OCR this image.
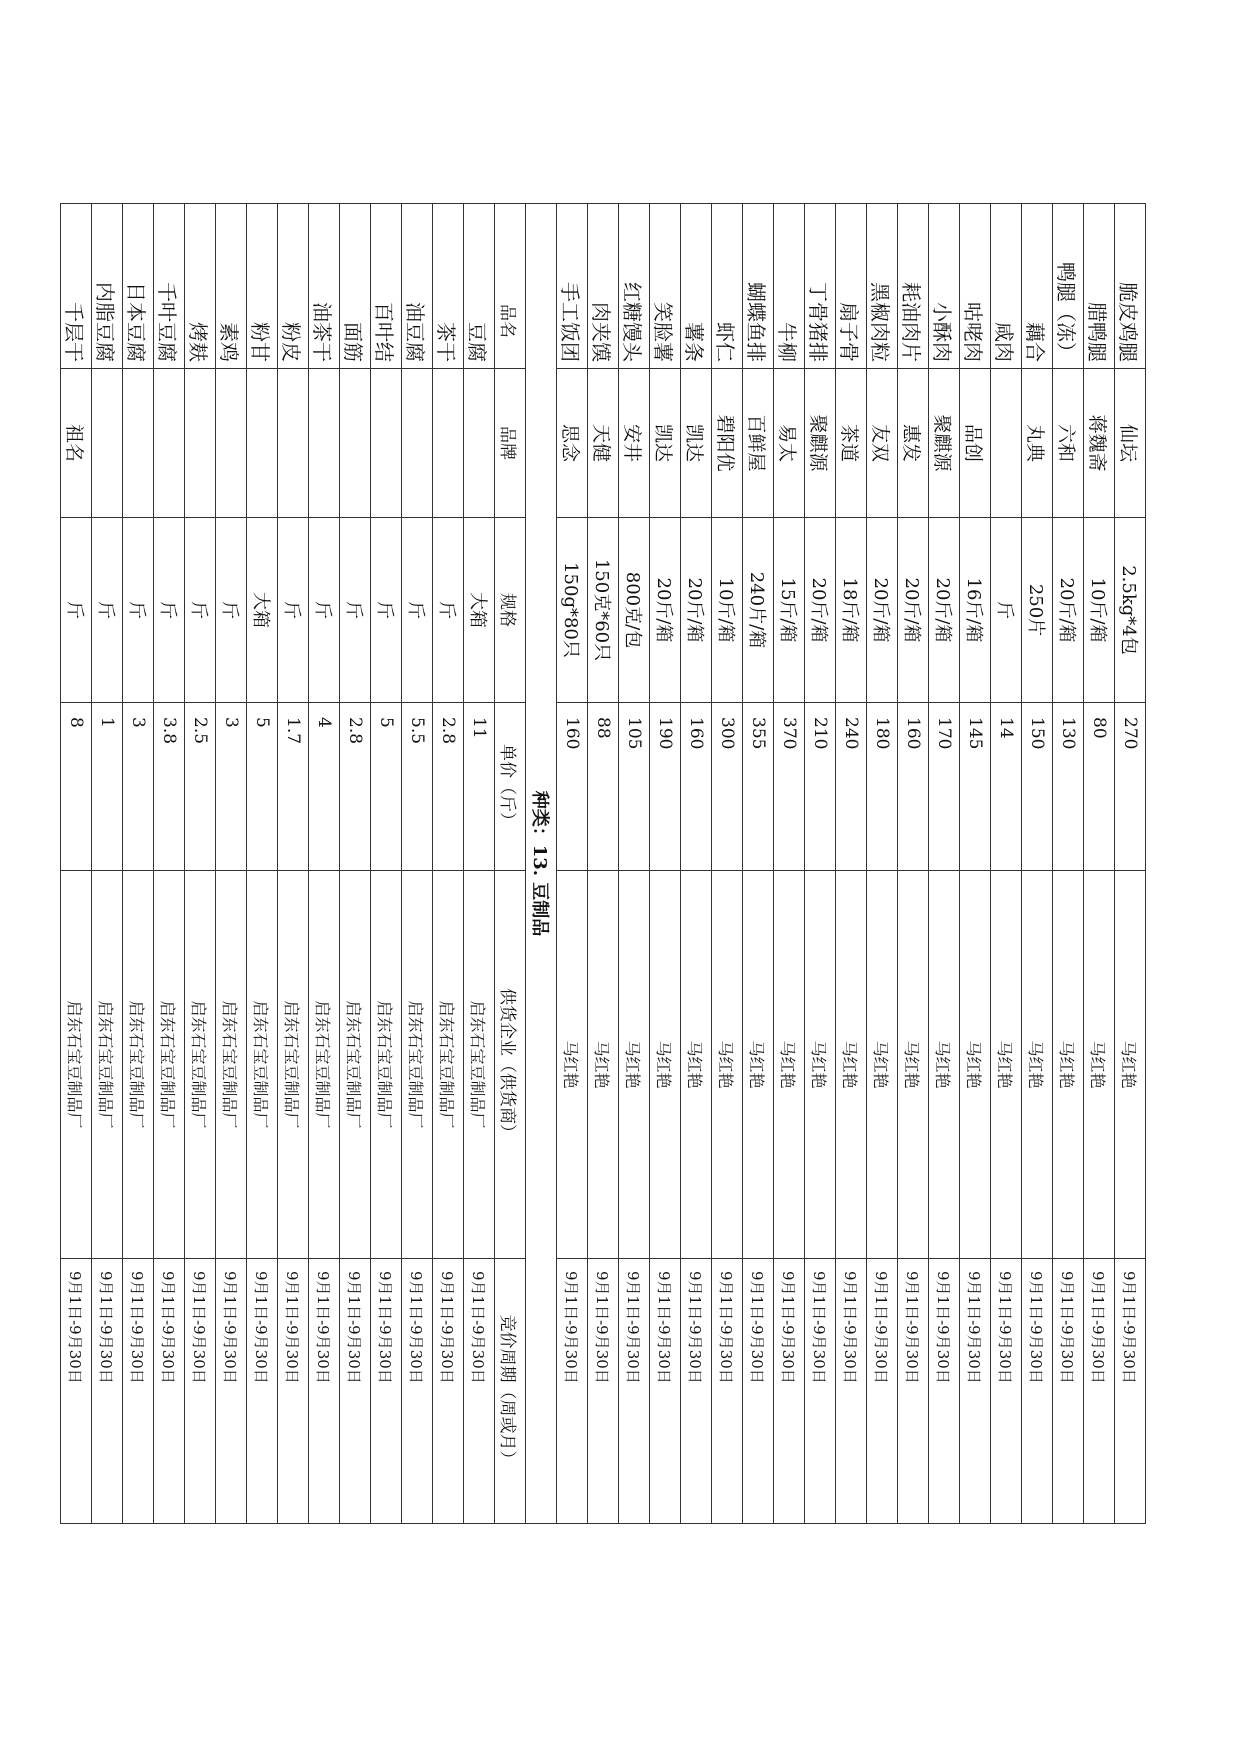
脆皮鸡腿	仙坛	2.5kg*4包	270	马红艳	9月1日-9月30日
腊鸭腿	蒋魏斋	10斤/箱	80	马红艳	9月1日-9月30日
鸭腿（冻）	六和	20斤/箱	130	马红艳	9月1日-9月30日
藕合	丸典	250片	150	马红艳	9月1日-9月30日
咸肉		斤	14	马红艳	9月1日-9月30日
咕咾肉	品创	16斤/箱	145	马红艳	9月1日-9月30日
小酥肉	聚麒源	20斤/箱	170	马红艳	9月1日-9月30日
耗油肉片	惠发	20斤/箱	160	马红艳	9月1日-9月30日
黑椒肉粒	友双	20斤/箱	180	马红艳	9月1日-9月30日
扇子骨	茶道	18斤/箱	240	马红艳	9月1日-9月30日
丁骨猪排	聚麒源	20斤/箱	210	马红艳	9月1日-9月30日
牛柳	易太	15斤/箱	370	马红艳	9月1日-9月30日
蝴蝶鱼排	百鲜屋	240片/箱	355	马红艳	9月1日-9月30日
虾仁	碧阳优	10斤/箱	300	马红艳	9月1日-9月30日
薯条	凯达	20斤/箱	160	马红艳	9月1日-9月30日
笑脸薯	凯达	20斤/箱	190	马红艳	9月1日-9月30日
红糖馒头	安井	800克/包	105	马红艳	9月1日-9月30日
肉夹馍	天健	150克*60只	88	马红艳	9月1日-9月30日
手工饭团	思念	150g*80只	160	马红艳	9月1日-9月30日
种类：13. 豆制品					
品名	品牌	规格	单价（斤）	供货企业（供货商）	竞价周期（周或月）
豆腐		大箱	11	启东石宝豆制品厂	9月1日-9月30日
茶干		斤	2.8	启东石宝豆制品厂	9月1日-9月30日
油豆腐		斤	5.5	启东石宝豆制品厂	9月1日-9月30日
百叶结		斤	5	启东石宝豆制品厂	9月1日-9月30日
面筋		斤	2.8	启东石宝豆制品厂	9月1日-9月30日
油茶干		斤	4	启东石宝豆制品厂	9月1日-9月30日
粉皮		斤	1.7	启东石宝豆制品厂	9月1日-9月30日
粉甘		大箱	5	启东石宝豆制品厂	9月1日-9月30日
素鸡		斤	3	启东石宝豆制品厂	9月1日-9月30日
烤麸		斤	2.5	启东石宝豆制品厂	9月1日-9月30日
千叶豆腐		斤	3.8	启东石宝豆制品厂	9月1日-9月30日
日本豆腐		斤	3	启东石宝豆制品厂	9月1日-9月30日
内脂豆腐		斤	1	启东石宝豆制品厂	9月1日-9月30日
千层干	祖名	斤	8	启东石宝豆制品厂	9月1日-9月30日
